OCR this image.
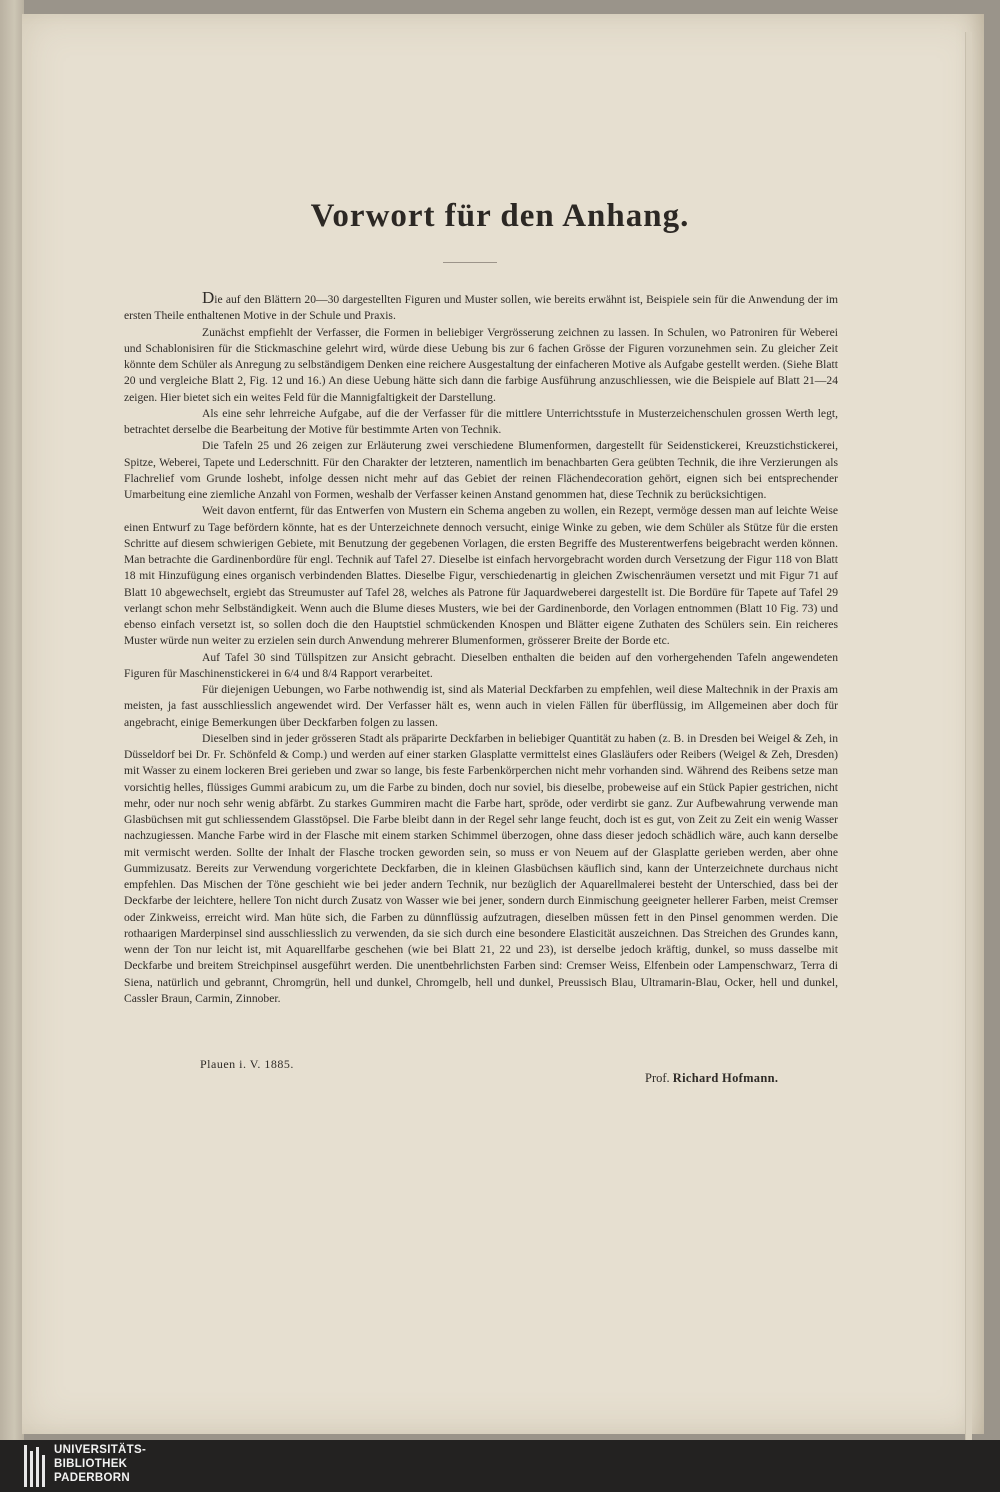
Vorwort für den Anhang.

Die auf den Blättern 20—30 dargestellten Figuren und Muster sollen, wie bereits erwähnt ist, Beispiele sein für die Anwendung der im ersten Theile enthaltenen Motive in der Schule und Praxis.

Zunächst empfiehlt der Verfasser, die Formen in beliebiger Vergrösserung zeichnen zu lassen. In Schulen, wo Patroniren für Weberei und Schablonisiren für die Stickmaschine gelehrt wird, würde diese Uebung bis zur 6 fachen Grösse der Figuren vorzunehmen sein. Zu gleicher Zeit könnte dem Schüler als Anregung zu selbständigem Denken eine reichere Ausgestaltung der einfacheren Motive als Aufgabe gestellt werden. (Siehe Blatt 20 und vergleiche Blatt 2, Fig. 12 und 16.) An diese Uebung hätte sich dann die farbige Ausführung anzuschliessen, wie die Beispiele auf Blatt 21—24 zeigen. Hier bietet sich ein weites Feld für die Mannigfaltigkeit der Darstellung.

Als eine sehr lehrreiche Aufgabe, auf die der Verfasser für die mittlere Unterrichtsstufe in Musterzeichenschulen grossen Werth legt, betrachtet derselbe die Bearbeitung der Motive für bestimmte Arten von Technik.

Die Tafeln 25 und 26 zeigen zur Erläuterung zwei verschiedene Blumenformen, dargestellt für Seidenstickerei, Kreuzstichstickerei, Spitze, Weberei, Tapete und Lederschnitt. Für den Charakter der letzteren, namentlich im benachbarten Gera geübten Technik, die ihre Verzierungen als Flachrelief vom Grunde loshebt, infolge dessen nicht mehr auf das Gebiet der reinen Flächendecoration gehört, eignen sich bei entsprechender Umarbeitung eine ziemliche Anzahl von Formen, weshalb der Verfasser keinen Anstand genommen hat, diese Technik zu berücksichtigen.

Weit davon entfernt, für das Entwerfen von Mustern ein Schema angeben zu wollen, ein Rezept, vermöge dessen man auf leichte Weise einen Entwurf zu Tage befördern könnte, hat es der Unterzeichnete dennoch versucht, einige Winke zu geben, wie dem Schüler als Stütze für die ersten Schritte auf diesem schwierigen Gebiete, mit Benutzung der gegebenen Vorlagen, die ersten Begriffe des Musterentwerfens beigebracht werden können. Man betrachte die Gardinenbordüre für engl. Technik auf Tafel 27. Dieselbe ist einfach hervorgebracht worden durch Versetzung der Figur 118 von Blatt 18 mit Hinzufügung eines organisch verbindenden Blattes. Dieselbe Figur, verschiedenartig in gleichen Zwischenräumen versetzt und mit Figur 71 auf Blatt 10 abgewechselt, ergiebt das Streumuster auf Tafel 28, welches als Patrone für Jaquardweberei dargestellt ist. Die Bordüre für Tapete auf Tafel 29 verlangt schon mehr Selbständigkeit. Wenn auch die Blume dieses Musters, wie bei der Gardinenborde, den Vorlagen entnommen (Blatt 10 Fig. 73) und ebenso einfach versetzt ist, so sollen doch die den Hauptstiel schmückenden Knospen und Blätter eigene Zuthaten des Schülers sein. Ein reicheres Muster würde nun weiter zu erzielen sein durch Anwendung mehrerer Blumenformen, grösserer Breite der Borde etc.

Auf Tafel 30 sind Tüllspitzen zur Ansicht gebracht. Dieselben enthalten die beiden auf den vorhergehenden Tafeln angewendeten Figuren für Maschinenstickerei in 6/4 und 8/4 Rapport verarbeitet.

Für diejenigen Uebungen, wo Farbe nothwendig ist, sind als Material Deckfarben zu empfehlen, weil diese Maltechnik in der Praxis am meisten, ja fast ausschliesslich angewendet wird. Der Verfasser hält es, wenn auch in vielen Fällen für überflüssig, im Allgemeinen aber doch für angebracht, einige Bemerkungen über Deckfarben folgen zu lassen.

Dieselben sind in jeder grösseren Stadt als präparirte Deckfarben in beliebiger Quantität zu haben (z. B. in Dresden bei Weigel & Zeh, in Düsseldorf bei Dr. Fr. Schönfeld & Comp.) und werden auf einer starken Glasplatte vermittelst eines Glasläufers oder Reibers (Weigel & Zeh, Dresden) mit Wasser zu einem lockeren Brei gerieben und zwar so lange, bis feste Farbenkörperchen nicht mehr vorhanden sind. Während des Reibens setze man vorsichtig helles, flüssiges Gummi arabicum zu, um die Farbe zu binden, doch nur soviel, bis dieselbe, probeweise auf ein Stück Papier gestrichen, nicht mehr, oder nur noch sehr wenig abfärbt. Zu starkes Gummiren macht die Farbe hart, spröde, oder verdirbt sie ganz. Zur Aufbewahrung verwende man Glasbüchsen mit gut schliessendem Glasstöpsel. Die Farbe bleibt dann in der Regel sehr lange feucht, doch ist es gut, von Zeit zu Zeit ein wenig Wasser nachzugiessen. Manche Farbe wird in der Flasche mit einem starken Schimmel überzogen, ohne dass dieser jedoch schädlich wäre, auch kann derselbe mit vermischt werden. Sollte der Inhalt der Flasche trocken geworden sein, so muss er von Neuem auf der Glasplatte gerieben werden, aber ohne Gummizusatz. Bereits zur Verwendung vorgerichtete Deckfarben, die in kleinen Glasbüchsen käuflich sind, kann der Unterzeichnete durchaus nicht empfehlen. Das Mischen der Töne geschieht wie bei jeder andern Technik, nur bezüglich der Aquarellmalerei besteht der Unterschied, dass bei der Deckfarbe der leichtere, hellere Ton nicht durch Zusatz von Wasser wie bei jener, sondern durch Einmischung geeigneter hellerer Farben, meist Cremser oder Zinkweiss, erreicht wird. Man hüte sich, die Farben zu dünnflüssig aufzutragen, dieselben müssen fett in den Pinsel genommen werden. Die rothaarigen Marderpinsel sind ausschliesslich zu verwenden, da sie sich durch eine besondere Elasticität auszeichnen. Das Streichen des Grundes kann, wenn der Ton nur leicht ist, mit Aquarellfarbe geschehen (wie bei Blatt 21, 22 und 23), ist derselbe jedoch kräftig, dunkel, so muss dasselbe mit Deckfarbe und breitem Streichpinsel ausgeführt werden. Die unentbehrlichsten Farben sind: Cremser Weiss, Elfenbein oder Lampenschwarz, Terra di Siena, natürlich und gebrannt, Chromgrün, hell und dunkel, Chromgelb, hell und dunkel, Preussisch Blau, Ultramarin-Blau, Ocker, hell und dunkel, Cassler Braun, Carmin, Zinnober.

Plauen i. V. 1885.
Prof. Richard Hofmann.
UNIVERSITÄTS-
BIBLIOTHEK
PADERBORN
